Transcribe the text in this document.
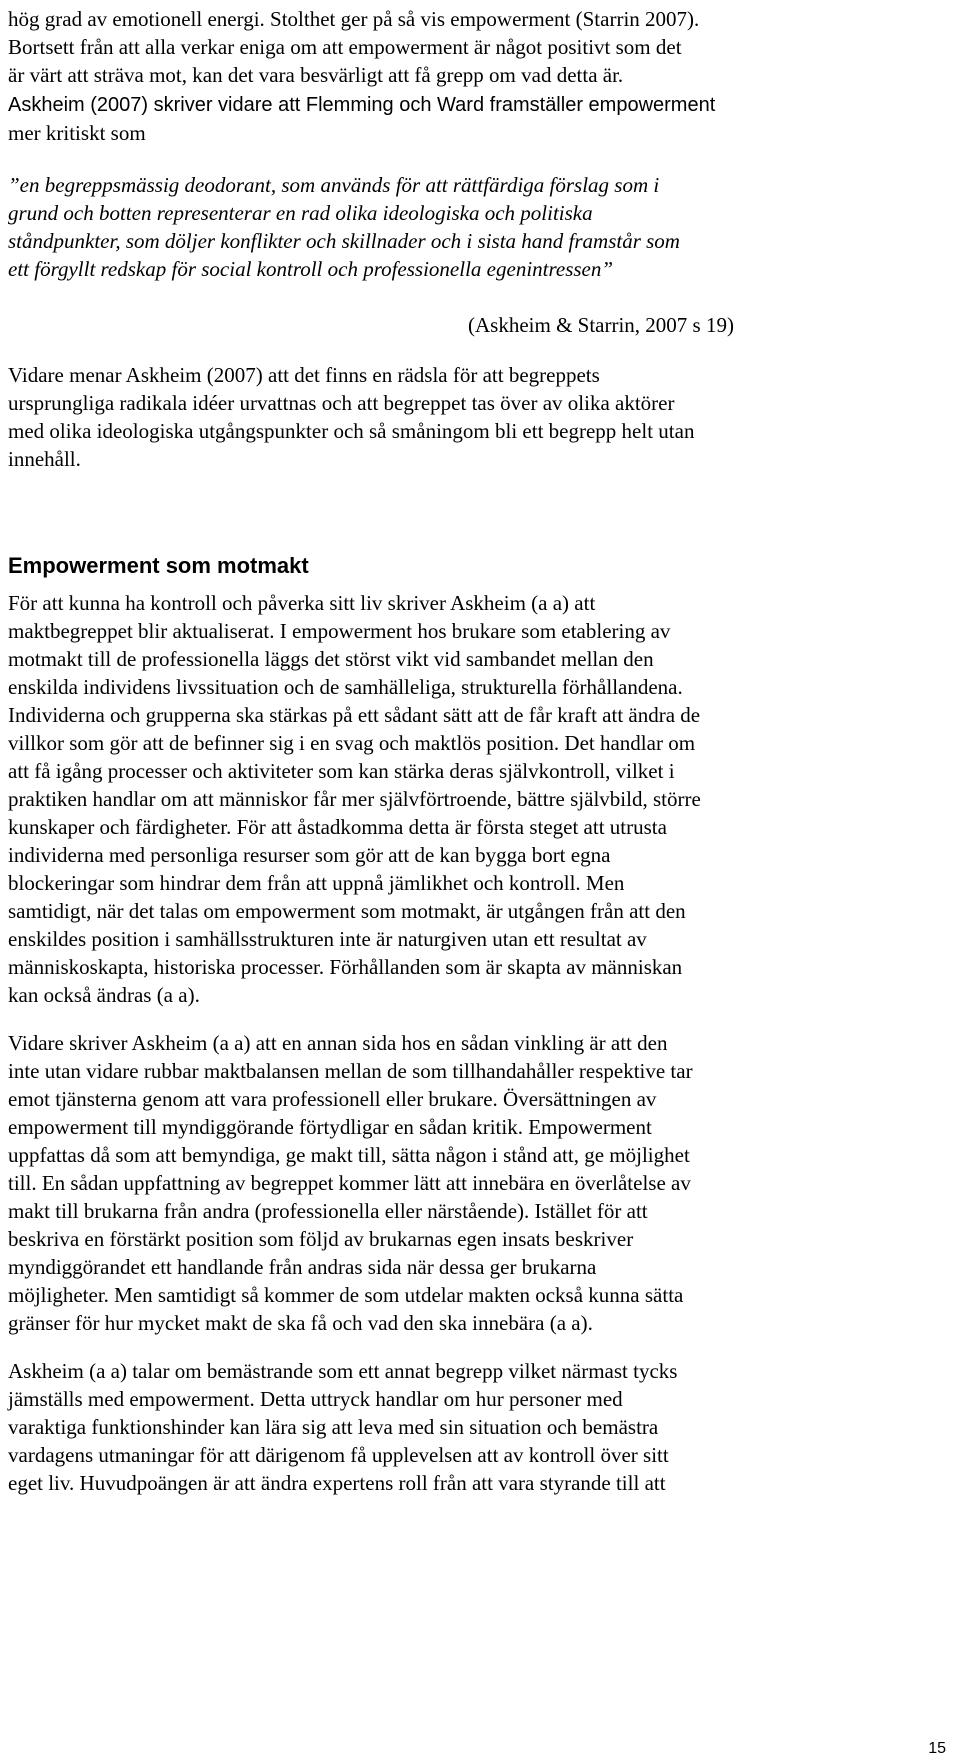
hög grad av emotionell energi. Stolthet ger på så vis empowerment (Starrin 2007).
Bortsett från att alla verkar eniga om att empowerment är något positivt som det
är värt att sträva mot, kan det vara besvärligt att få grepp om vad detta är.
Askheim (2007) skriver vidare att Flemming och Ward framställer empowerment
mer kritiskt som
”en begreppsmässig deodorant, som används för att rättfärdiga förslag som i
grund och botten representerar en rad olika ideologiska och politiska
ståndpunkter, som döljer konflikter och skillnader och i sista hand framstår som
ett förgyllt redskap för social kontroll och professionella egenintressen”
(Askheim & Starrin, 2007 s 19)
Vidare menar Askheim (2007) att det finns en rädsla för att begreppets
ursprungliga radikala idéer urvattnas och att begreppet tas över av olika aktörer
med olika ideologiska utgångspunkter och så småningom bli ett begrepp helt utan
innehåll.
Empowerment som motmakt
För att kunna ha kontroll och påverka sitt liv skriver Askheim (a a) att
maktbegreppet blir aktualiserat. I empowerment hos brukare som etablering av
motmakt till de professionella läggs det störst vikt vid sambandet mellan den
enskilda individens livssituation och de samhälleliga, strukturella förhållandena.
Individerna och grupperna ska stärkas på ett sådant sätt att de får kraft att ändra de
villkor som gör att de befinner sig i en svag och maktlös position. Det handlar om
att få igång processer och aktiviteter som kan stärka deras självkontroll, vilket i
praktiken handlar om att människor får mer självförtroende, bättre självbild, större
kunskaper och färdigheter. För att åstadkomma detta är första steget att utrusta
individerna med personliga resurser som gör att de kan bygga bort egna
blockeringar som hindrar dem från att uppnå jämlikhet och kontroll. Men
samtidigt, när det talas om empowerment som motmakt, är utgången från att den
enskildes position i samhällsstrukturen inte är naturgiven utan ett resultat av
människoskapta, historiska processer. Förhållanden som är skapta av människan
kan också ändras (a a).
Vidare skriver Askheim (a a) att en annan sida hos en sådan vinkling är att den
inte utan vidare rubbar maktbalansen mellan de som tillhandahåller respektive tar
emot tjänsterna genom att vara professionell eller brukare. Översättningen av
empowerment till myndiggörande förtydligar en sådan kritik. Empowerment
uppfattas då som att bemyndiga, ge makt till, sätta någon i stånd att, ge möjlighet
till. En sådan uppfattning av begreppet kommer lätt att innebära en överlåtelse av
makt till brukarna från andra (professionella eller närstående). Istället för att
beskriva en förstärkt position som följd av brukarnas egen insats beskriver
myndiggörandet ett handlande från andras sida när dessa ger brukarna
möjligheter. Men samtidigt så kommer de som utdelar makten också kunna sätta
gränser för hur mycket makt de ska få och vad den ska innebära (a a).
Askheim (a a) talar om bemästrande som ett annat begrepp vilket närmast tycks
jämställs med empowerment. Detta uttryck handlar om hur personer med
varaktiga funktionshinder kan lära sig att leva med sin situation och bemästra
vardagens utmaningar för att därigenom få upplevelsen att av kontroll över sitt
eget liv. Huvudpoängen är att ändra expertens roll från att vara styrande till att
15
